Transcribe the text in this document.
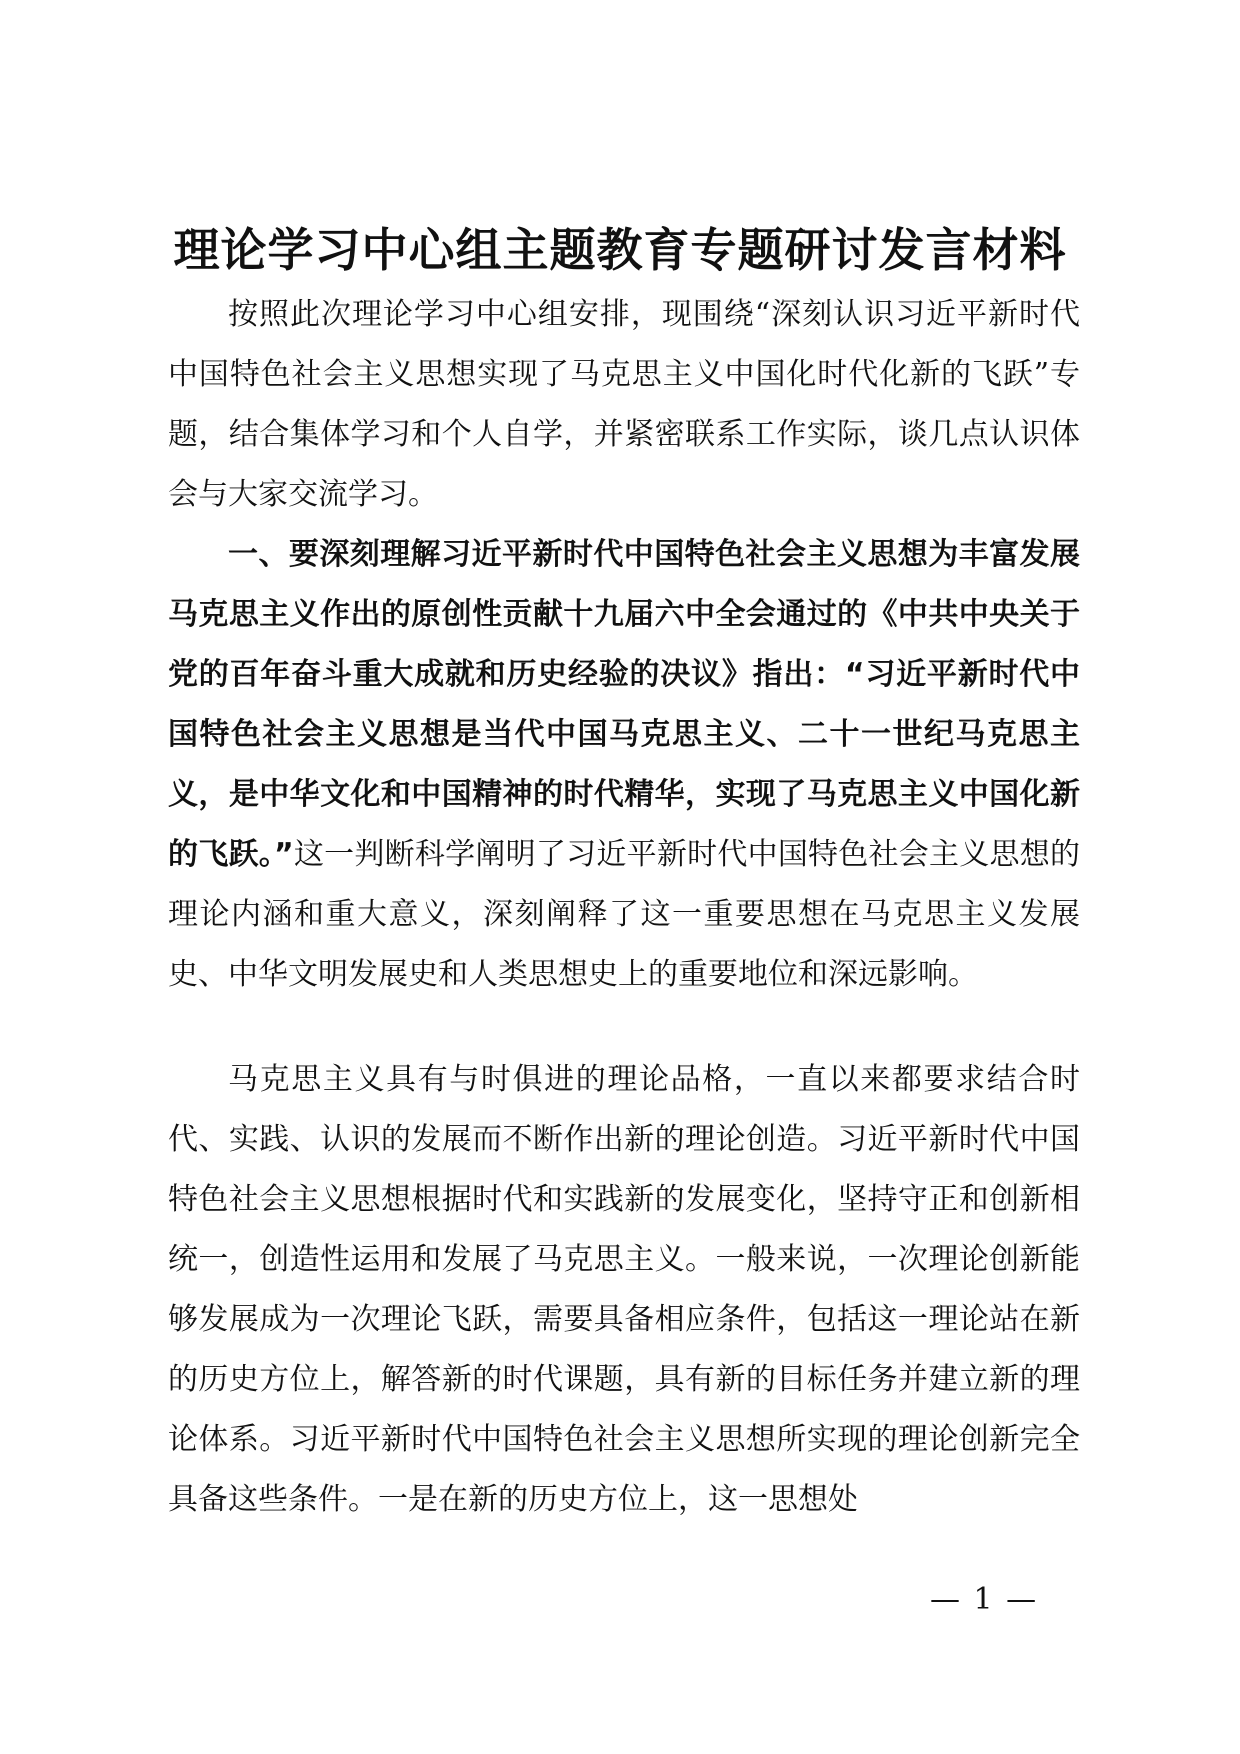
理论学习中心组主题教育专题研讨发言材料

按照此次理论学习中心组安排，现围绕“深刻认识习近平新时代中国特色社会主义思想实现了马克思主义中国化时代化新的飞跃”专题，结合集体学习和个人自学，并紧密联系工作实际，谈几点认识体会与大家交流学习。

一、要深刻理解习近平新时代中国特色社会主义思想为丰富发展马克思主义作出的原创性贡献十九届六中全会通过的《中共中央关于党的百年奋斗重大成就和历史经验的决议》指出：“习近平新时代中国特色社会主义思想是当代中国马克思主义、二十一世纪马克思主义，是中华文化和中国精神的时代精华，实现了马克思主义中国化新的飞跃。”这一判断科学阐明了习近平新时代中国特色社会主义思想的理论内涵和重大意义，深刻阐释了这一重要思想在马克思主义发展史、中华文明发展史和人类思想史上的重要地位和深远影响。

马克思主义具有与时俱进的理论品格，一直以来都要求结合时代、实践、认识的发展而不断作出新的理论创造。习近平新时代中国特色社会主义思想根据时代和实践新的发展变化，坚持守正和创新相统一，创造性运用和发展了马克思主义。一般来说，一次理论创新能够发展成为一次理论飞跃，需要具备相应条件，包括这一理论站在新的历史方位上，解答新的时代课题，具有新的目标任务并建立新的理论体系。习近平新时代中国特色社会主义思想所实现的理论创新完全具备这些条件。一是在新的历史方位上，这一思想处

— 1 —
